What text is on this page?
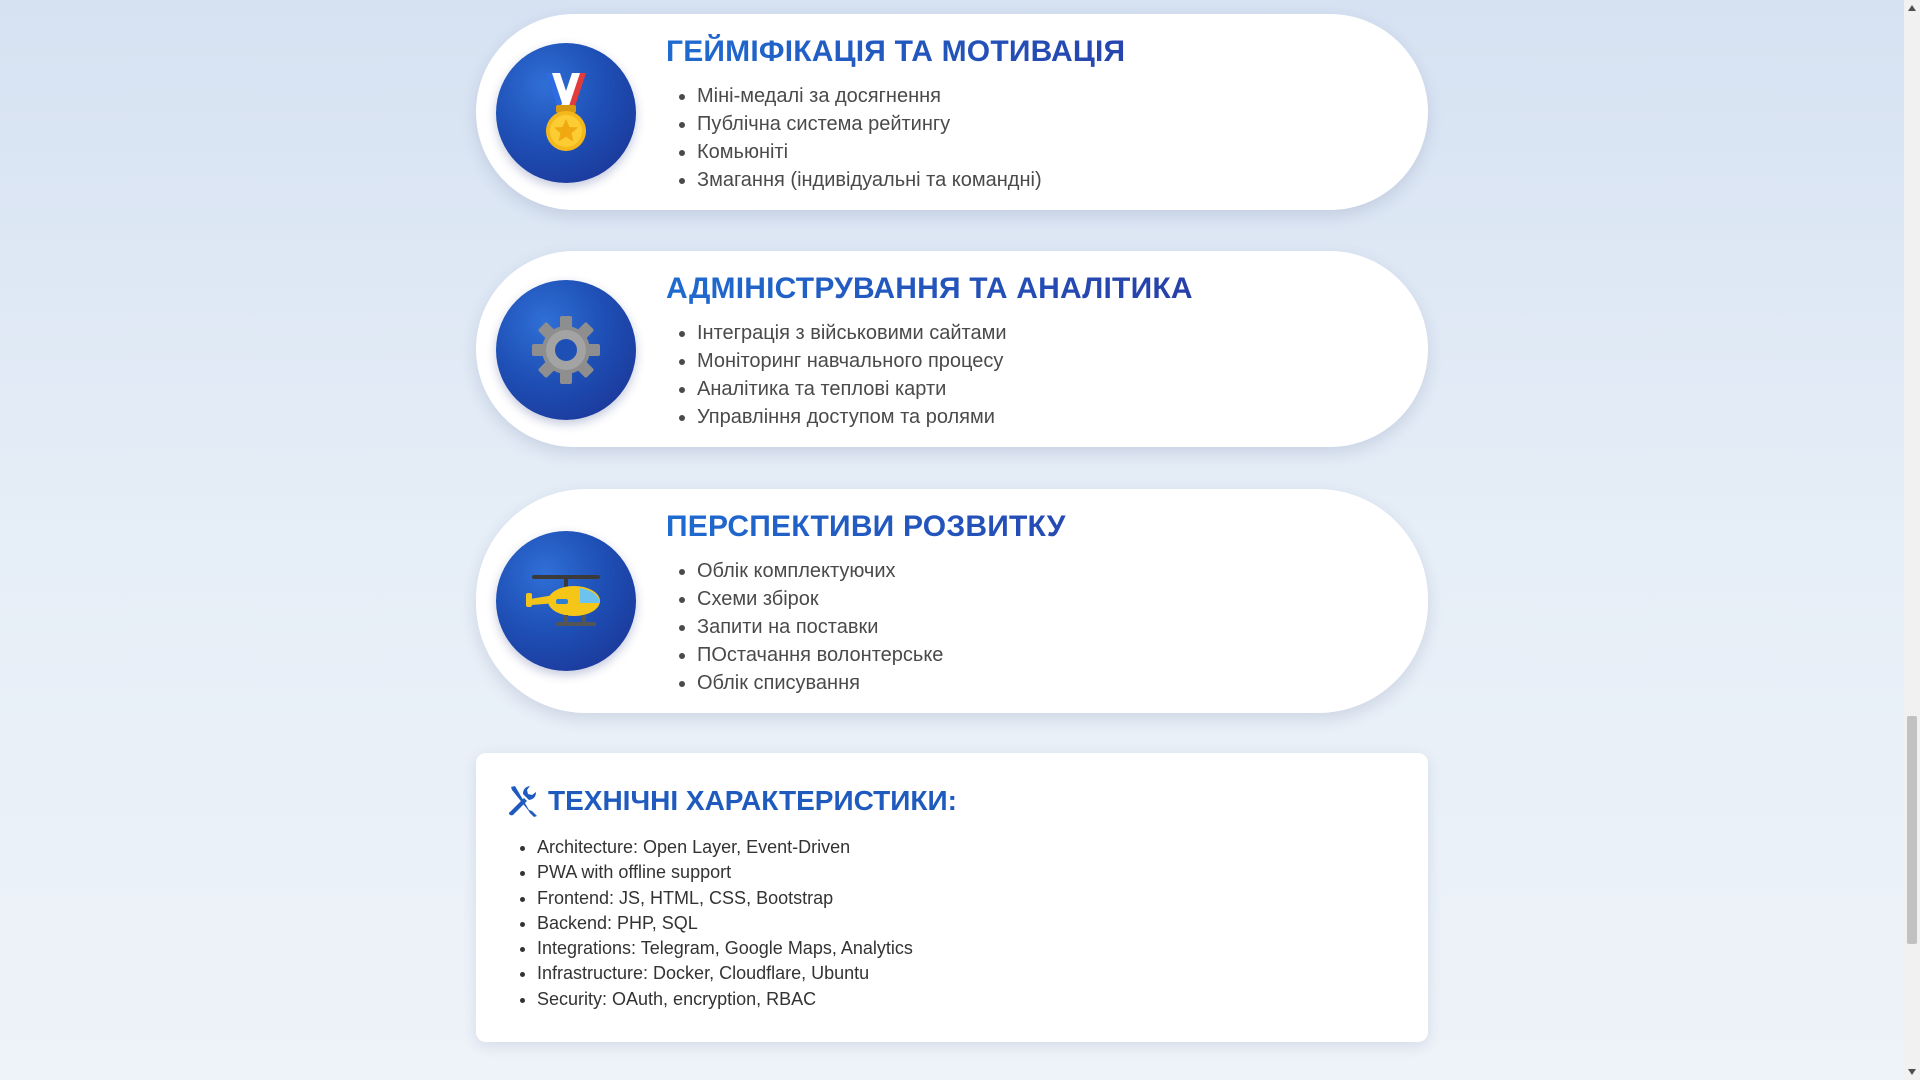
ГЕЙМІФІКАЦІЯ ТА МОТИВАЦІЯ
• Міні-медалі за досягнення
• Публічна система рейтингу
• Комьюніті
• Змагання (індивідуальні та командні)
АДМІНІСТРУВАННЯ ТА АНАЛІТИКА
• Інтеграція з військовими сайтами
• Моніторинг навчального процесу
• Аналітика та теплові карти
• Управління доступом та ролями
ПЕРСПЕКТИВИ РОЗВИТКУ
• Облік комплектуючих
• Схеми збірок
• Запити на поставки
• ПОстачання волонтерське
• Облік списування
ТЕХНІЧНІ ХАРАКТЕРИСТИКИ:
• Architecture: Open Layer, Event-Driven
• PWA with offline support
• Frontend: JS, HTML, CSS, Bootstrap
• Backend: PHP, SQL
• Integrations: Telegram, Google Maps, Analytics
• Infrastructure: Docker, Cloudflare, Ubuntu
• Security: OAuth, encryption, RBAC
